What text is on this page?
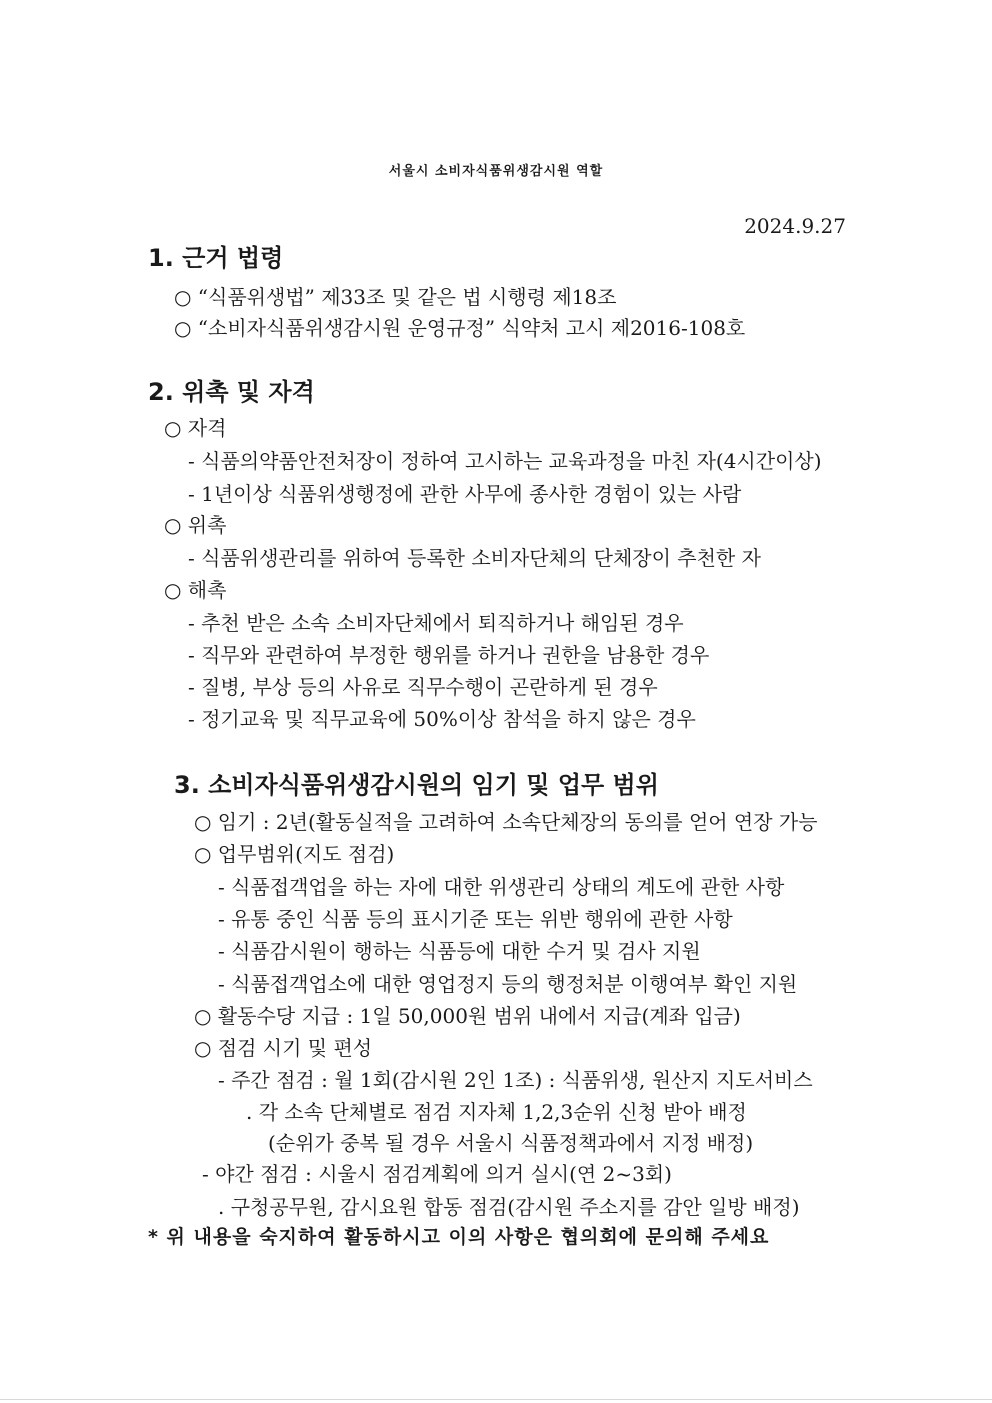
서울시 소비자식품위생감시원 역할
2024.9.27
1. 근거 법령
○ “식품위생법” 제33조 및 같은 법 시행령 제18조
○ “소비자식품위생감시원 운영규정” 식약처 고시 제2016-108호
2. 위촉 및 자격
○ 자격
- 식품의약품안전처장이 정하여 고시하는 교육과정을 마친 자(4시간이상)
- 1년이상 식품위생행정에 관한 사무에 종사한 경험이 있는 사람
○ 위촉
- 식품위생관리를 위하여 등록한 소비자단체의 단체장이 추천한 자
○ 해촉
- 추천 받은 소속 소비자단체에서 퇴직하거나 해임된 경우
- 직무와 관련하여 부정한 행위를 하거나 권한을 남용한 경우
- 질병, 부상 등의 사유로 직무수행이 곤란하게 된 경우
- 정기교육 및 직무교육에 50%이상 참석을 하지 않은 경우
3. 소비자식품위생감시원의 임기 및 업무 범위
○ 임기 : 2년(활동실적을 고려하여 소속단체장의 동의를 얻어 연장 가능
○ 업무범위(지도 점검)
- 식품접객업을 하는 자에 대한 위생관리 상태의 계도에 관한 사항
- 유통 중인 식품 등의 표시기준 또는 위반 행위에 관한 사항
- 식품감시원이 행하는 식품등에 대한 수거 및 검사 지원
- 식품접객업소에 대한 영업정지 등의 행정처분 이행여부 확인 지원
○ 활동수당 지급 : 1일 50,000원 범위 내에서 지급(계좌 입금)
○ 점검 시기 및 편성
- 주간 점검 : 월 1회(감시원 2인 1조) : 식품위생, 원산지 지도서비스
. 각 소속 단체별로 점검 지자체 1,2,3순위 신청 받아 배정
(순위가 중복 될 경우 서울시 식품정책과에서 지정 배정)
- 야간 점검 : 시울시 점검계획에 의거 실시(연 2~3회)
. 구청공무원, 감시요원 합동 점검(감시원 주소지를 감안 일방 배정)
* 위 내용을 숙지하여 활동하시고 이의 사항은 협의회에 문의해 주세요
